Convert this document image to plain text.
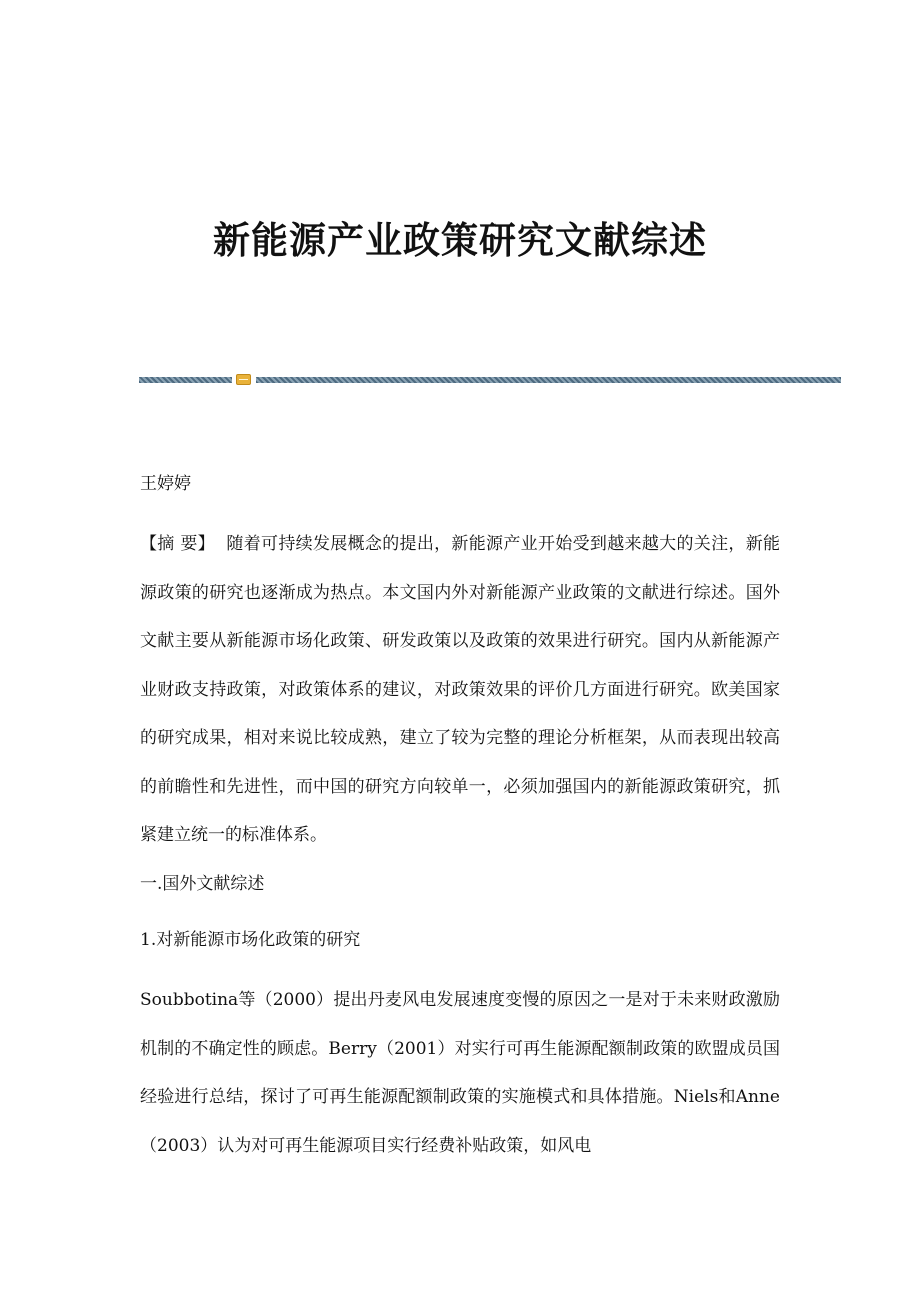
新能源产业政策研究文献综述
王婷婷
【摘 要】 随着可持续发展概念的提出，新能源产业开始受到越来越大的关注，新能源政策的研究也逐渐成为热点。本文国内外对新能源产业政策的文献进行综述。国外文献主要从新能源市场化政策、研发政策以及政策的效果进行研究。国内从新能源产业财政支持政策，对政策体系的建议，对政策效果的评价几方面进行研究。欧美国家的研究成果，相对来说比较成熟，建立了较为完整的理论分析框架，从而表现出较高的前瞻性和先进性，而中国的研究方向较单一，必须加强国内的新能源政策研究，抓紧建立统一的标准体系。
一.国外文献综述
1.对新能源市场化政策的研究
Soubbotina等（2000）提出丹麦风电发展速度变慢的原因之一是对于未来财政激励机制的不确定性的顾虑。Berry（2001）对实行可再生能源配额制政策的欧盟成员国经验进行总结，探讨了可再生能源配额制政策的实施模式和具体措施。Niels和Anne（2003）认为对可再生能源项目实行经费补贴政策，如风电
